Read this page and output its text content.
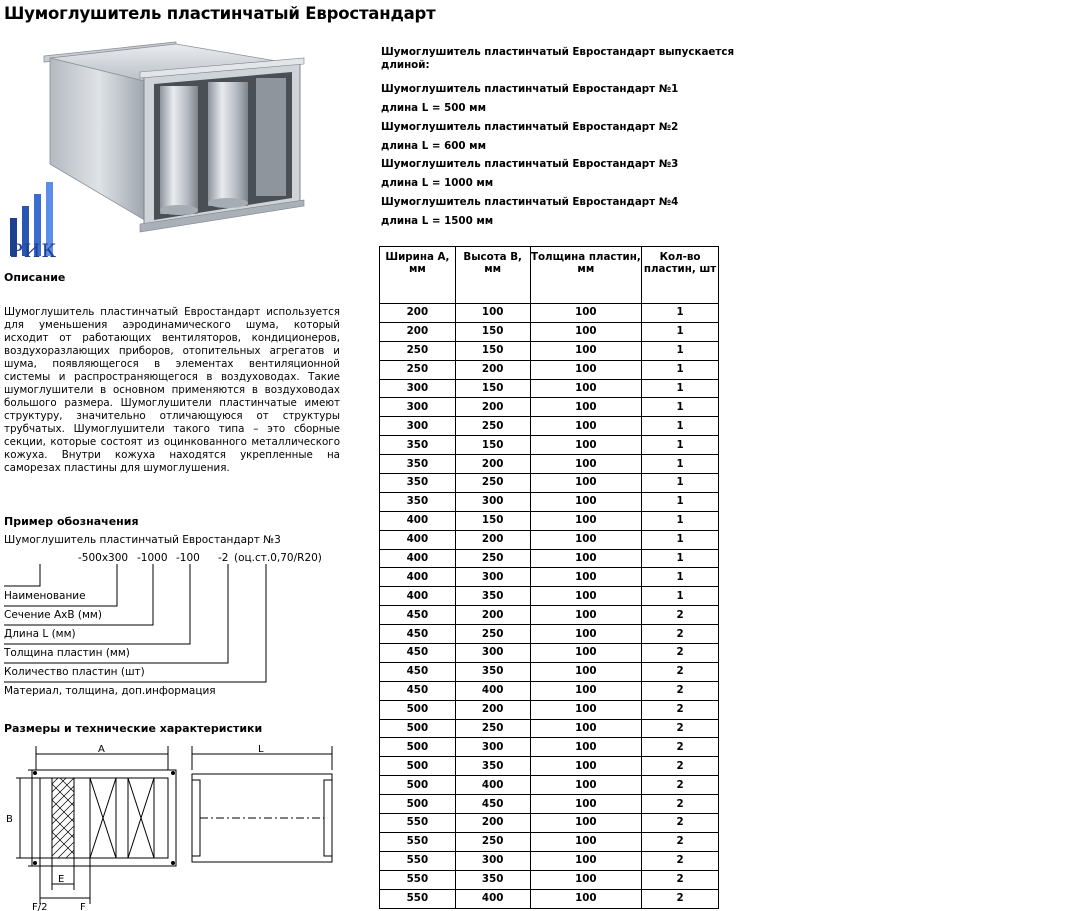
Шумоглушитель пластинчатый Евростандарт
РИК
Описание
Шумоглушитель пластинчатый Евростандарт используется для уменьшения аэродинамического шума, который исходит от работающих вентиляторов, кондиционеров, воздухоразлающих приборов, отопительных агрегатов и шума, появляющегося в элементах вентиляционной системы и распространяющегося в воздуховодах. Такие шумоглушители в основном применяются в воздуховодах большого размера. Шумоглушители пластинчатые имеют структуру, значительно отличающуюся от структуры трубчатых. Шумоглушители такого типа – это сборные секции, которые состоят из оцинкованного металлического кожуха. Внутри кожуха находятся укрепленные на саморезах пластины для шумоглушения.
Пример обозначения
Шумоглушитель пластинчатый Евростандарт №3
-500x300 -1000 -100 -2 (оц.ст.0,70/R20)
Наименование
Сечение АхВ (мм)
Длина L (мм)
Толщина пластин (мм)
Количество пластин (шт)
Материал, толщина, доп.информация
Размеры и технические характеристики
A	L
B
E
F/2	F
Шумоглушитель пластинчатый Евростандарт выпускается длиной:
Шумоглушитель пластинчатый Евростандарт №1
длина L = 500 мм
Шумоглушитель пластинчатый Евростандарт №2
длина L = 600 мм
Шумоглушитель пластинчатый Евростандарт №3
длина L = 1000 мм
Шумоглушитель пластинчатый Евростандарт №4
длина L = 1500 мм
Ширина А, мм	Высота В, мм	Толщина пластин, мм	Кол-во пластин, шт
200	100	100	1
200	150	100	1
250	150	100	1
250	200	100	1
300	150	100	1
300	200	100	1
300	250	100	1
350	150	100	1
350	200	100	1
350	250	100	1
350	300	100	1
400	150	100	1
400	200	100	1
400	250	100	1
400	300	100	1
400	350	100	1
450	200	100	2
450	250	100	2
450	300	100	2
450	350	100	2
450	400	100	2
500	200	100	2
500	250	100	2
500	300	100	2
500	350	100	2
500	400	100	2
500	450	100	2
550	200	100	2
550	250	100	2
550	300	100	2
550	350	100	2
550	400	100	2
